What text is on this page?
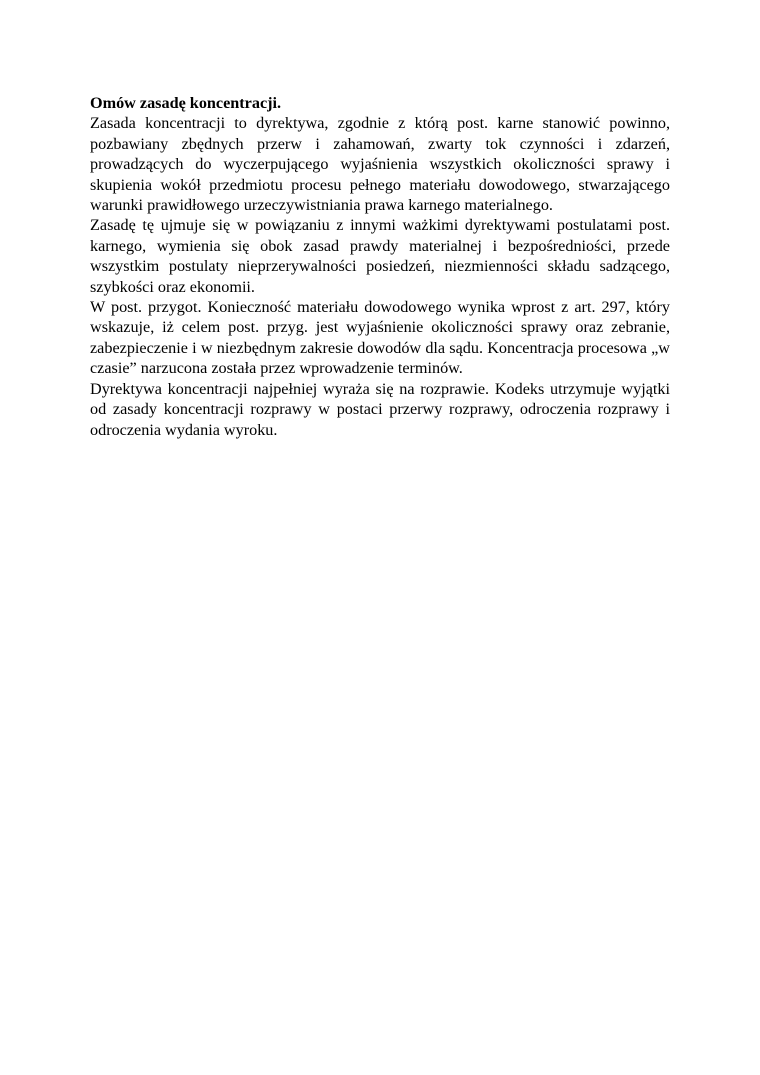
Omów zasadę koncentracji.

Zasada koncentracji to dyrektywa, zgodnie z którą post. karne stanowić powinno, pozbawiany zbędnych przerw i zahamowań, zwarty tok czynności i zdarzeń, prowadzących do wyczerpującego wyjaśnienia wszystkich okoliczności sprawy i skupienia wokół przedmiotu procesu pełnego materiału dowodowego, stwarzającego warunki prawidłowego urzeczywistniania prawa karnego materialnego.

Zasadę tę ujmuje się w powiązaniu z innymi ważkimi dyrektywami postulatami post. karnego, wymienia się obok zasad prawdy materialnej i bezpośredniości, przede wszystkim postulaty nieprzerywalności posiedzeń, niezmienności składu sadzącego, szybkości oraz ekonomii.

W post. przygot. Konieczność materiału dowodowego wynika wprost z art. 297, który wskazuje, iż celem post. przyg. jest wyjaśnienie okoliczności sprawy oraz zebranie, zabezpieczenie i w niezbędnym zakresie dowodów dla sądu. Koncentracja procesowa „w czasie” narzucona została przez wprowadzenie terminów.

Dyrektywa koncentracji najpełniej wyraża się na rozprawie. Kodeks utrzymuje wyjątki od zasady koncentracji rozprawy w postaci przerwy rozprawy, odroczenia rozprawy i odroczenia wydania wyroku.
